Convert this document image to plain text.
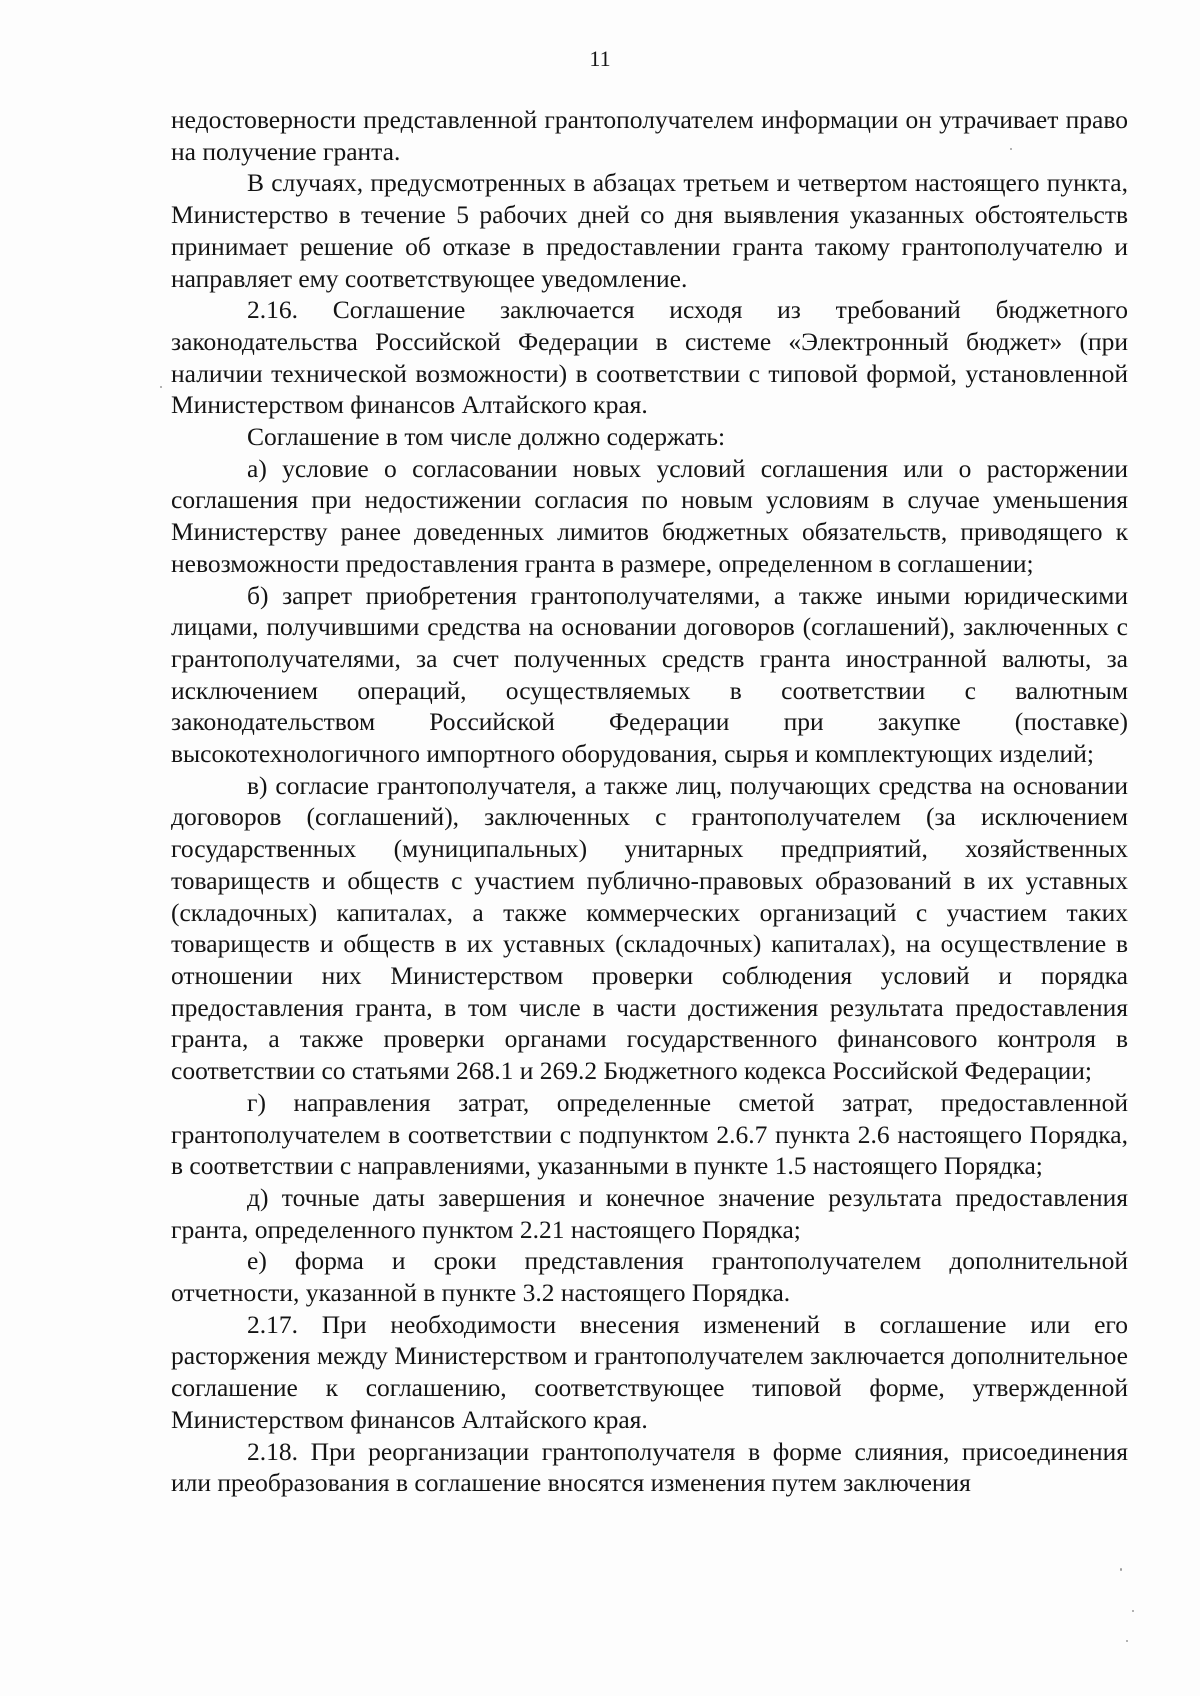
11

недостоверности представленной грантополучателем информации он утрачивает право на получение гранта.

В случаях, предусмотренных в абзацах третьем и четвертом настоящего пункта, Министерство в течение 5 рабочих дней со дня выявления указанных обстоятельств принимает решение об отказе в предоставлении гранта такому грантополучателю и направляет ему соответствующее уведомление.

2.16. Соглашение заключается исходя из требований бюджетного законодательства Российской Федерации в системе «Электронный бюджет» (при наличии технической возможности) в соответствии с типовой формой, установленной Министерством финансов Алтайского края.

Соглашение в том числе должно содержать:

а) условие о согласовании новых условий соглашения или о расторжении соглашения при недостижении согласия по новым условиям в случае уменьшения Министерству ранее доведенных лимитов бюджетных обязательств, приводящего к невозможности предоставления гранта в размере, определенном в соглашении;

б) запрет приобретения грантополучателями, а также иными юридическими лицами, получившими средства на основании договоров (соглашений), заключенных с грантополучателями, за счет полученных средств гранта иностранной валюты, за исключением операций, осуществляемых в соответствии с валютным законодательством Российской Федерации при закупке (поставке) высокотехнологичного импортного оборудования, сырья и комплектующих изделий;

в) согласие грантополучателя, а также лиц, получающих средства на основании договоров (соглашений), заключенных с грантополучателем (за исключением государственных (муниципальных) унитарных предприятий, хозяйственных товариществ и обществ с участием публично-правовых образований в их уставных (складочных) капиталах, а также коммерческих организаций с участием таких товариществ и обществ в их уставных (складочных) капиталах), на осуществление в отношении них Министерством проверки соблюдения условий и порядка предоставления гранта, в том числе в части достижения результата предоставления гранта, а также проверки органами государственного финансового контроля в соответствии со статьями 268.1 и 269.2 Бюджетного кодекса Российской Федерации;

г) направления затрат, определенные сметой затрат, предоставленной грантополучателем в соответствии с подпунктом 2.6.7 пункта 2.6 настоящего Порядка, в соответствии с направлениями, указанными в пункте 1.5 настоящего Порядка;

д) точные даты завершения и конечное значение результата предоставления гранта, определенного пунктом 2.21 настоящего Порядка;

е) форма и сроки представления грантополучателем дополнительной отчетности, указанной в пункте 3.2 настоящего Порядка.

2.17. При необходимости внесения изменений в соглашение или его расторжения между Министерством и грантополучателем заключается дополнительное соглашение к соглашению, соответствующее типовой форме, утвержденной Министерством финансов Алтайского края.

2.18. При реорганизации грантополучателя в форме слияния, присоединения или преобразования в соглашение вносятся изменения путем заключения
